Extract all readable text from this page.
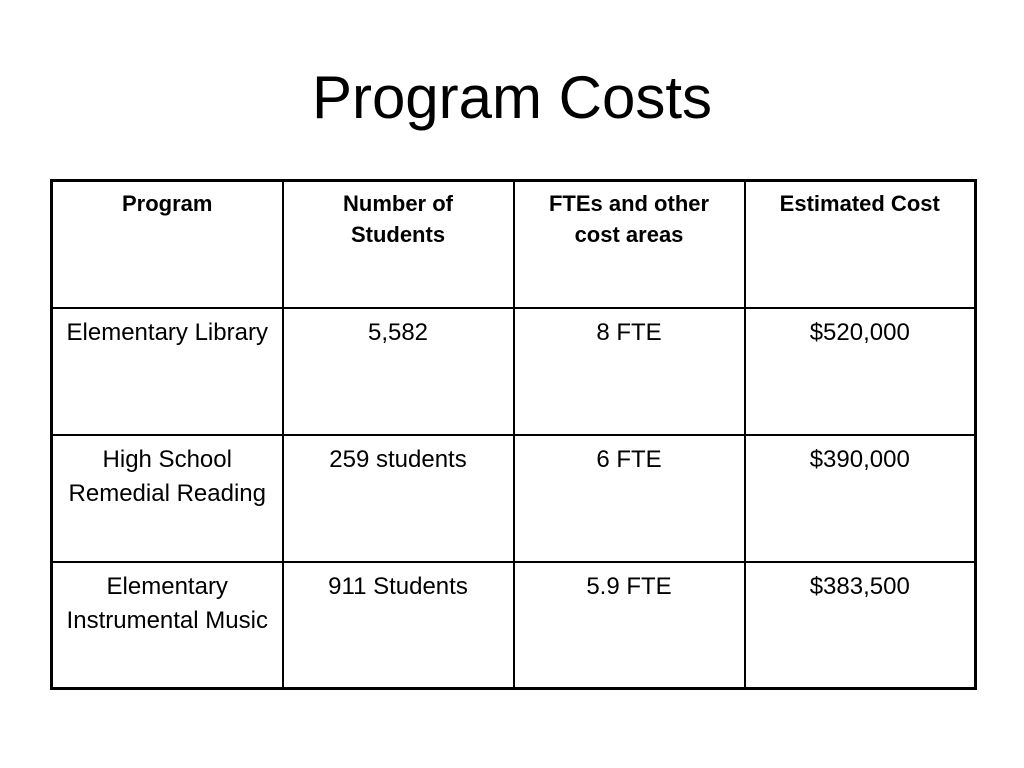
Program Costs
Program	Number of Students	FTEs and other cost areas	Estimated Cost

Elementary Library	5,582	8 FTE	$520,000

High School Remedial Reading	259 students	6 FTE	$390,000

Elementary Instrumental Music	911 Students	5.9 FTE	$383,500
